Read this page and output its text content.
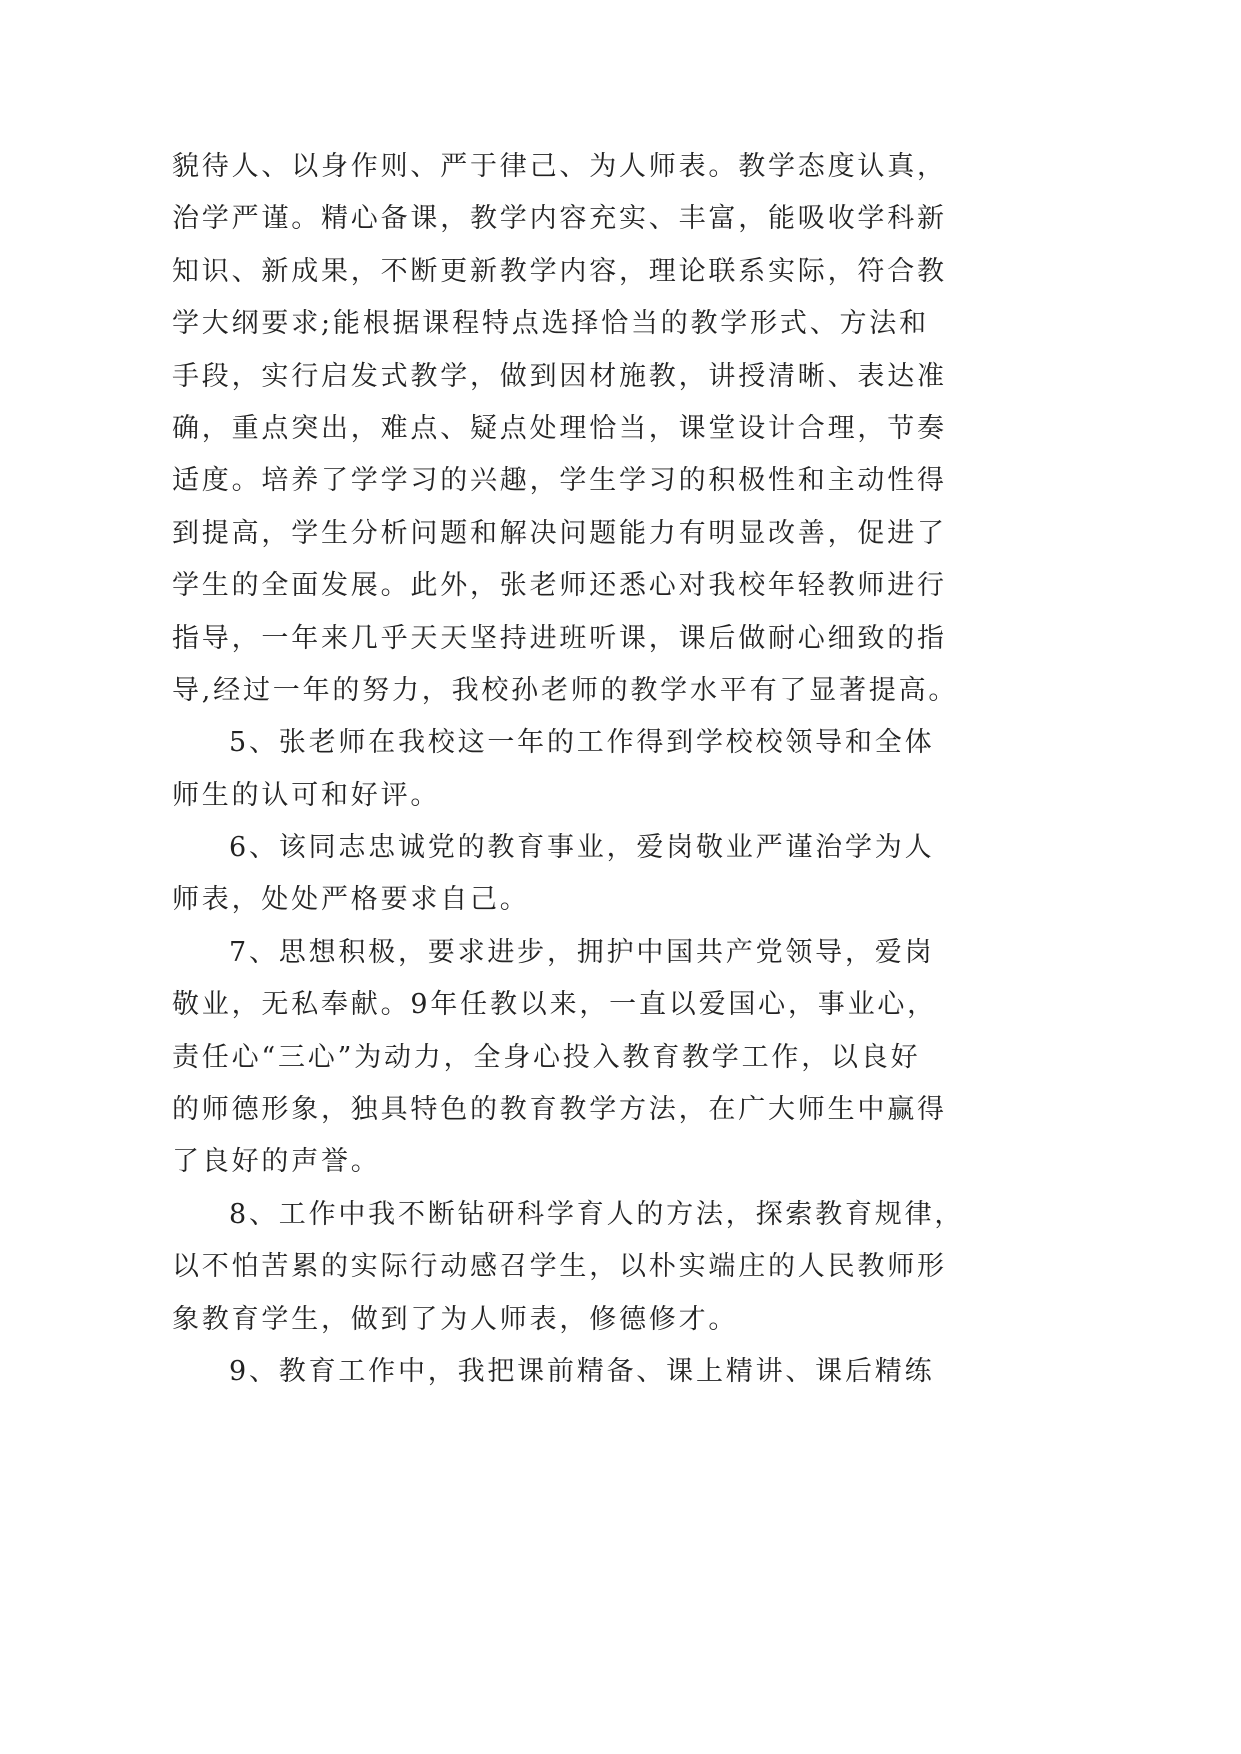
貌待人、以身作则、严于律己、为人师表。教学态度认真，
治学严谨。精心备课，教学内容充实、丰富，能吸收学科新
知识、新成果，不断更新教学内容，理论联系实际，符合教
学大纲要求;能根据课程特点选择恰当的教学形式、方法和
手段，实行启发式教学，做到因材施教，讲授清晰、表达准
确，重点突出，难点、疑点处理恰当，课堂设计合理，节奏
适度。培养了学学习的兴趣，学生学习的积极性和主动性得
到提高，学生分析问题和解决问题能力有明显改善，促进了
学生的全面发展。此外，张老师还悉心对我校年轻教师进行
指导，一年来几乎天天坚持进班听课，课后做耐心细致的指
导,经过一年的努力，我校孙老师的教学水平有了显著提高。
5、张老师在我校这一年的工作得到学校校领导和全体
师生的认可和好评。
6、该同志忠诚党的教育事业，爱岗敬业严谨治学为人
师表，处处严格要求自己。
7、思想积极，要求进步，拥护中国共产党领导，爱岗
敬业，无私奉献。9年任教以来，一直以爱国心，事业心，
责任心“三心”为动力，全身心投入教育教学工作，以良好
的师德形象，独具特色的教育教学方法，在广大师生中赢得
了良好的声誉。
8、工作中我不断钻研科学育人的方法，探索教育规律，
以不怕苦累的实际行动感召学生，以朴实端庄的人民教师形
象教育学生，做到了为人师表，修德修才。
9、教育工作中，我把课前精备、课上精讲、课后精练
